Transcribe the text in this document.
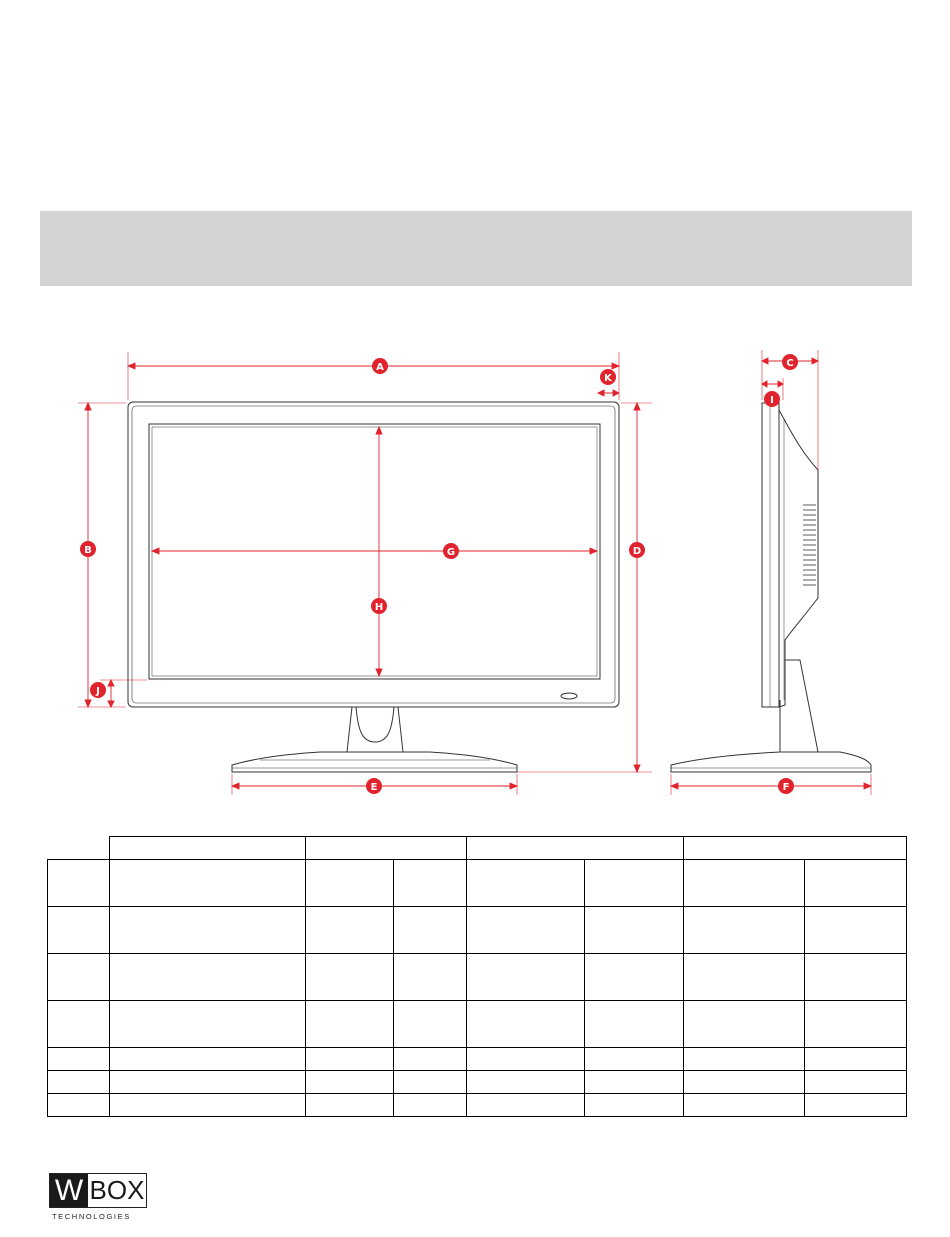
A
K
B
J
D
G
H
E	F
C
I

W BOX
TECHNOLOGIES
